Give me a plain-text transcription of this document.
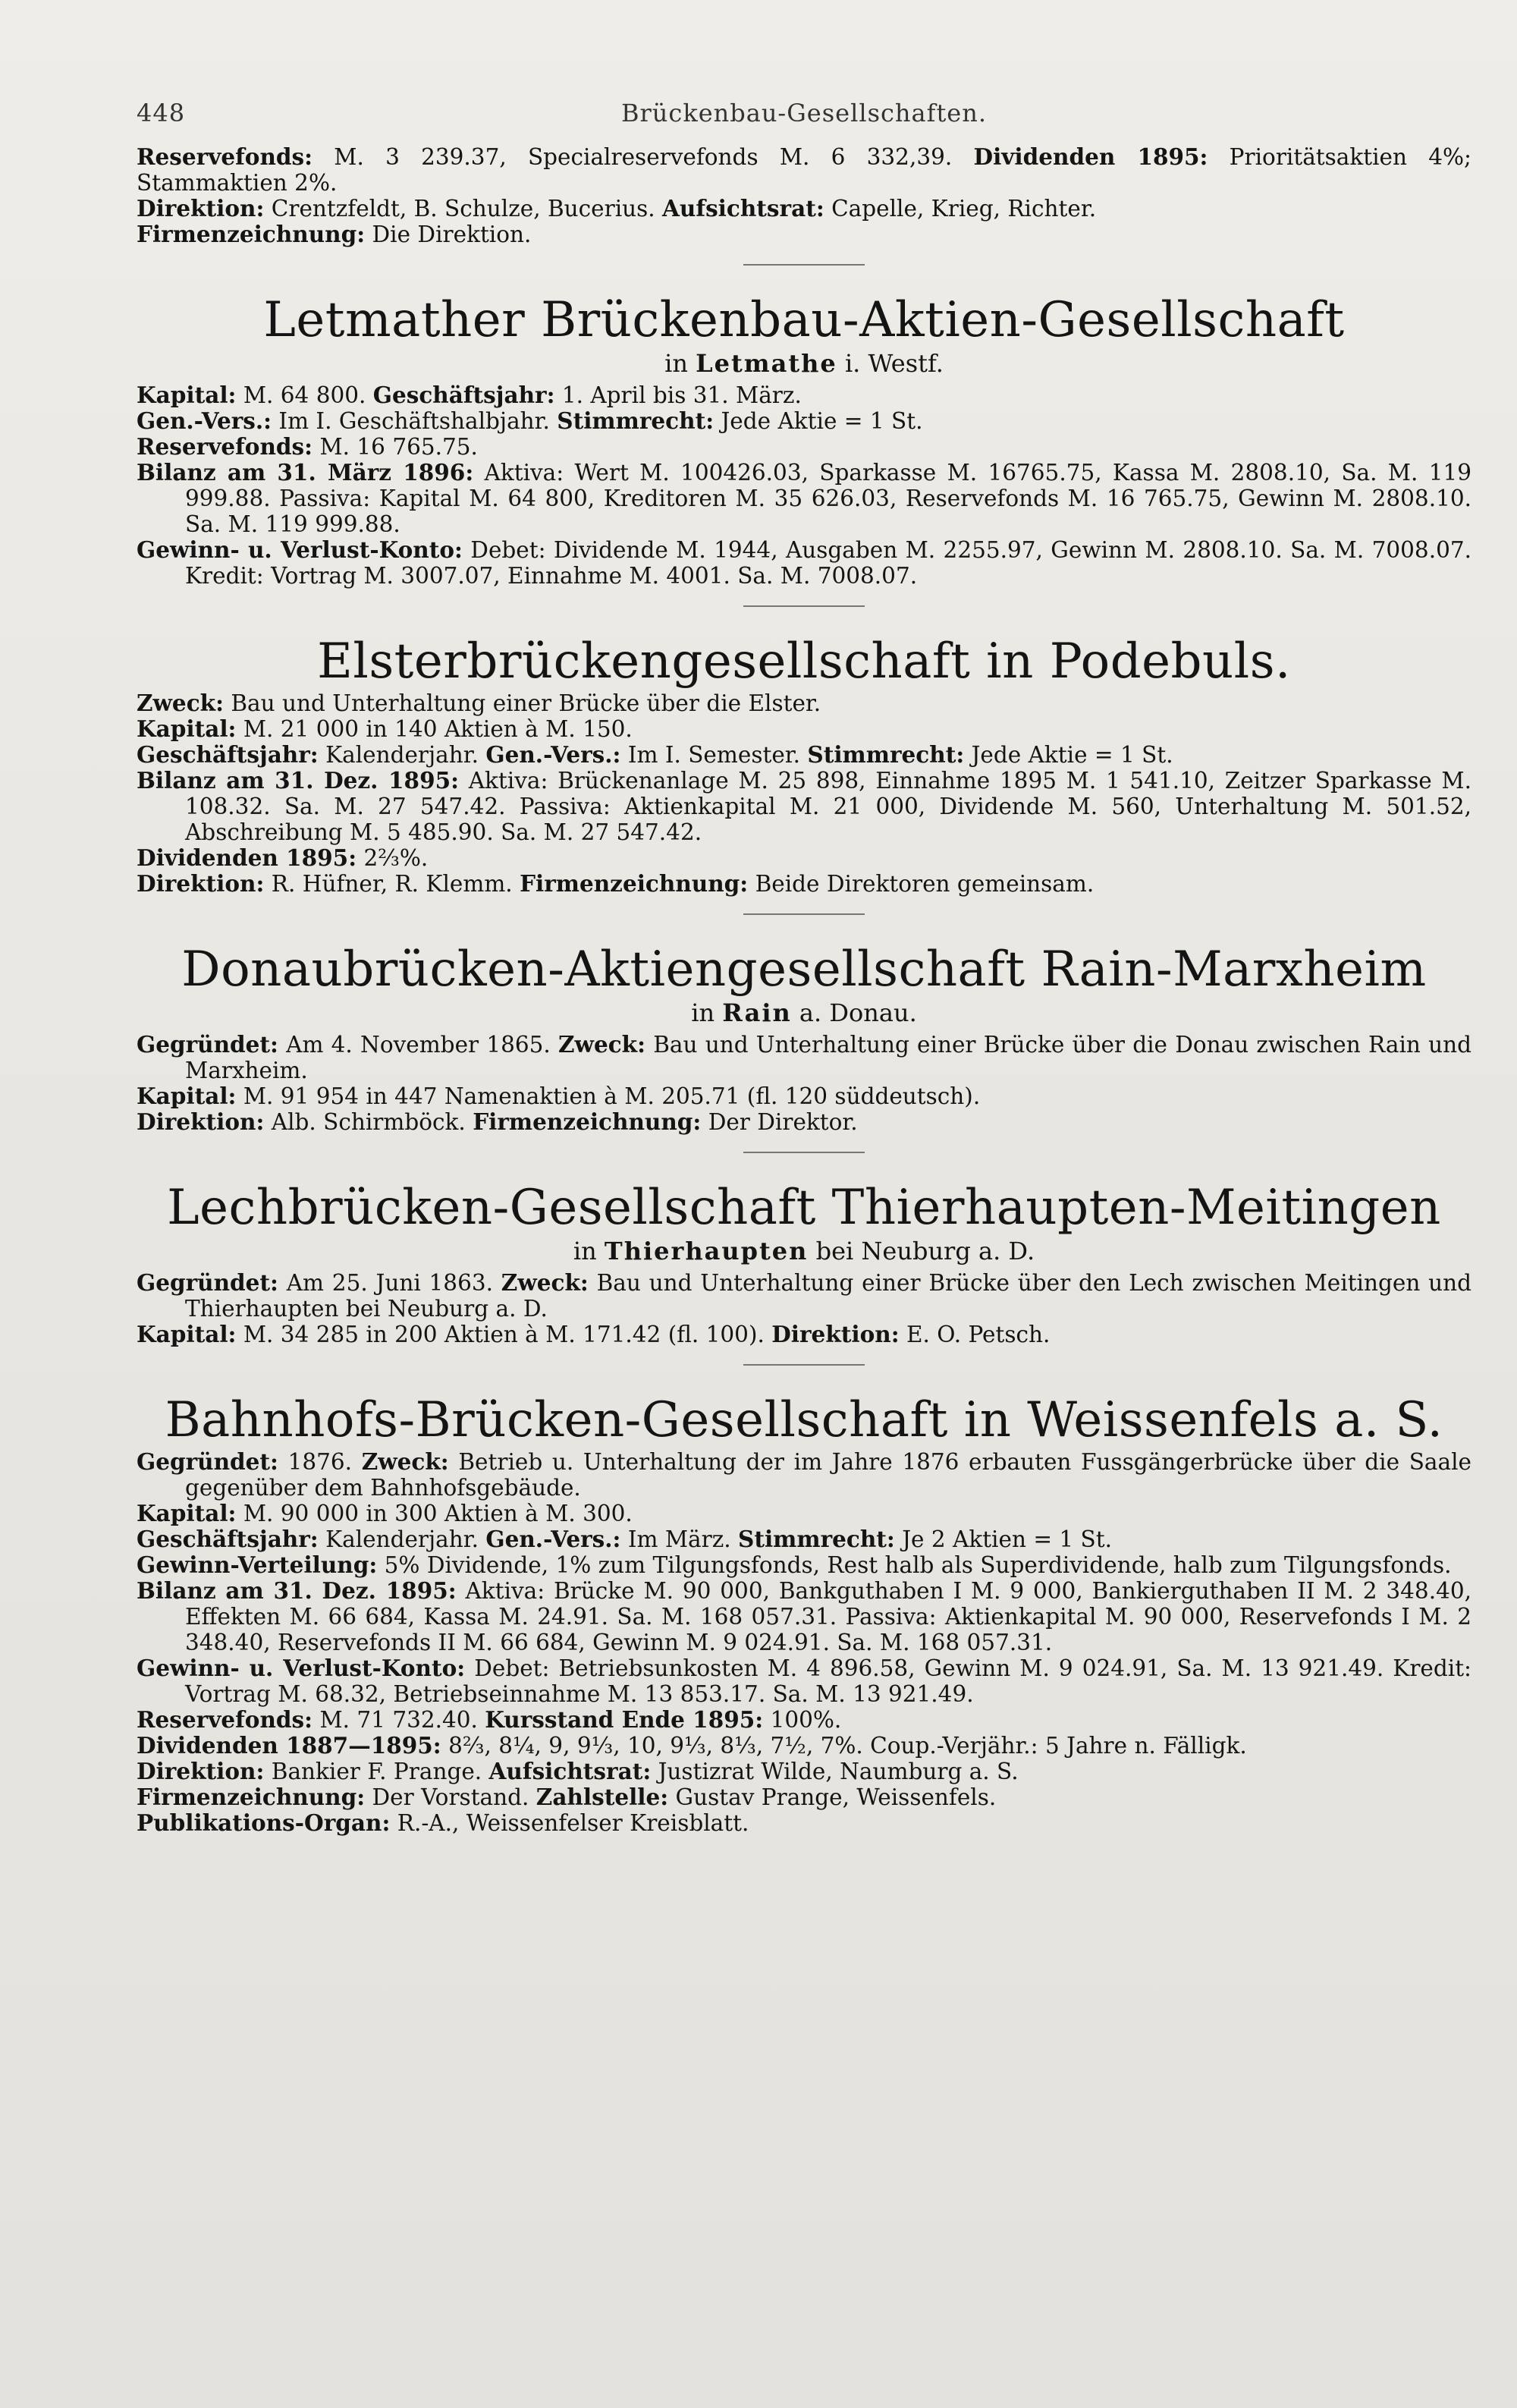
448	Brückenbau-Gesellschaften.

Reservefonds: M. 3 239.37, Specialreservefonds M. 6 332,39. Dividenden 1895: Prioritätsaktien 4%; Stammaktien 2%.

Direktion: Crentzfeldt, B. Schulze, Bucerius. Aufsichtsrat: Capelle, Krieg, Richter.

Firmenzeichnung: Die Direktion.

Letmather Brückenbau-Aktien-Gesellschaft

in Letmathe i. Westf.

Kapital: M. 64 800. Geschäftsjahr: 1. April bis 31. März.

Gen.-Vers.: Im I. Geschäftshalbjahr. Stimmrecht: Jede Aktie = 1 St.

Reservefonds: M. 16 765.75.

Bilanz am 31. März 1896: Aktiva: Wert M. 100426.03, Sparkasse M. 16765.75, Kassa M. 2808.10, Sa. M. 119 999.88. Passiva: Kapital M. 64 800, Kreditoren M. 35 626.03, Reservefonds M. 16 765.75, Gewinn M. 2808.10. Sa. M. 119 999.88.

Gewinn- u. Verlust-Konto: Debet: Dividende M. 1944, Ausgaben M. 2255.97, Gewinn M. 2808.10. Sa. M. 7008.07. Kredit: Vortrag M. 3007.07, Einnahme M. 4001. Sa. M. 7008.07.

Elsterbrückengesellschaft in Podebuls.

Zweck: Bau und Unterhaltung einer Brücke über die Elster.

Kapital: M. 21 000 in 140 Aktien à M. 150.

Geschäftsjahr: Kalenderjahr. Gen.-Vers.: Im I. Semester. Stimmrecht: Jede Aktie = 1 St.

Bilanz am 31. Dez. 1895: Aktiva: Brückenanlage M. 25 898, Einnahme 1895 M. 1 541.10, Zeitzer Sparkasse M. 108.32. Sa. M. 27 547.42. Passiva: Aktienkapital M. 21 000, Dividende M. 560, Unterhaltung M. 501.52, Abschreibung M. 5 485.90. Sa. M. 27 547.42.

Dividenden 1895: 2⅔%.

Direktion: R. Hüfner, R. Klemm. Firmenzeichnung: Beide Direktoren gemeinsam.

Donaubrücken-Aktiengesellschaft Rain-Marxheim

in Rain a. Donau.

Gegründet: Am 4. November 1865. Zweck: Bau und Unterhaltung einer Brücke über die Donau zwischen Rain und Marxheim.

Kapital: M. 91 954 in 447 Namenaktien à M. 205.71 (fl. 120 süddeutsch).

Direktion: Alb. Schirmböck. Firmenzeichnung: Der Direktor.

Lechbrücken-Gesellschaft Thierhaupten-Meitingen

in Thierhaupten bei Neuburg a. D.

Gegründet: Am 25. Juni 1863. Zweck: Bau und Unterhaltung einer Brücke über den Lech zwischen Meitingen und Thierhaupten bei Neuburg a. D.

Kapital: M. 34 285 in 200 Aktien à M. 171.42 (fl. 100). Direktion: E. O. Petsch.

Bahnhofs-Brücken-Gesellschaft in Weissenfels a. S.

Gegründet: 1876. Zweck: Betrieb u. Unterhaltung der im Jahre 1876 erbauten Fussgängerbrücke über die Saale gegenüber dem Bahnhofsgebäude.

Kapital: M. 90 000 in 300 Aktien à M. 300.

Geschäftsjahr: Kalenderjahr. Gen.-Vers.: Im März. Stimmrecht: Je 2 Aktien = 1 St.

Gewinn-Verteilung: 5% Dividende, 1% zum Tilgungsfonds, Rest halb als Superdividende, halb zum Tilgungsfonds.

Bilanz am 31. Dez. 1895: Aktiva: Brücke M. 90 000, Bankguthaben I M. 9 000, Bankierguthaben II M. 2 348.40, Effekten M. 66 684, Kassa M. 24.91. Sa. M. 168 057.31. Passiva: Aktienkapital M. 90 000, Reservefonds I M. 2 348.40, Reservefonds II M. 66 684, Gewinn M. 9 024.91. Sa. M. 168 057.31.

Gewinn- u. Verlust-Konto: Debet: Betriebsunkosten M. 4 896.58, Gewinn M. 9 024.91, Sa. M. 13 921.49. Kredit: Vortrag M. 68.32, Betriebseinnahme M. 13 853.17. Sa. M. 13 921.49.

Reservefonds: M. 71 732.40. Kursstand Ende 1895: 100%.

Dividenden 1887—1895: 8⅔, 8¼, 9, 9⅓, 10, 9⅓, 8⅓, 7½, 7%. Coup.-Verjähr.: 5 Jahre n. Fälligk.

Direktion: Bankier F. Prange. Aufsichtsrat: Justizrat Wilde, Naumburg a. S.

Firmenzeichnung: Der Vorstand. Zahlstelle: Gustav Prange, Weissenfels.

Publikations-Organ: R.-A., Weissenfelser Kreisblatt.
